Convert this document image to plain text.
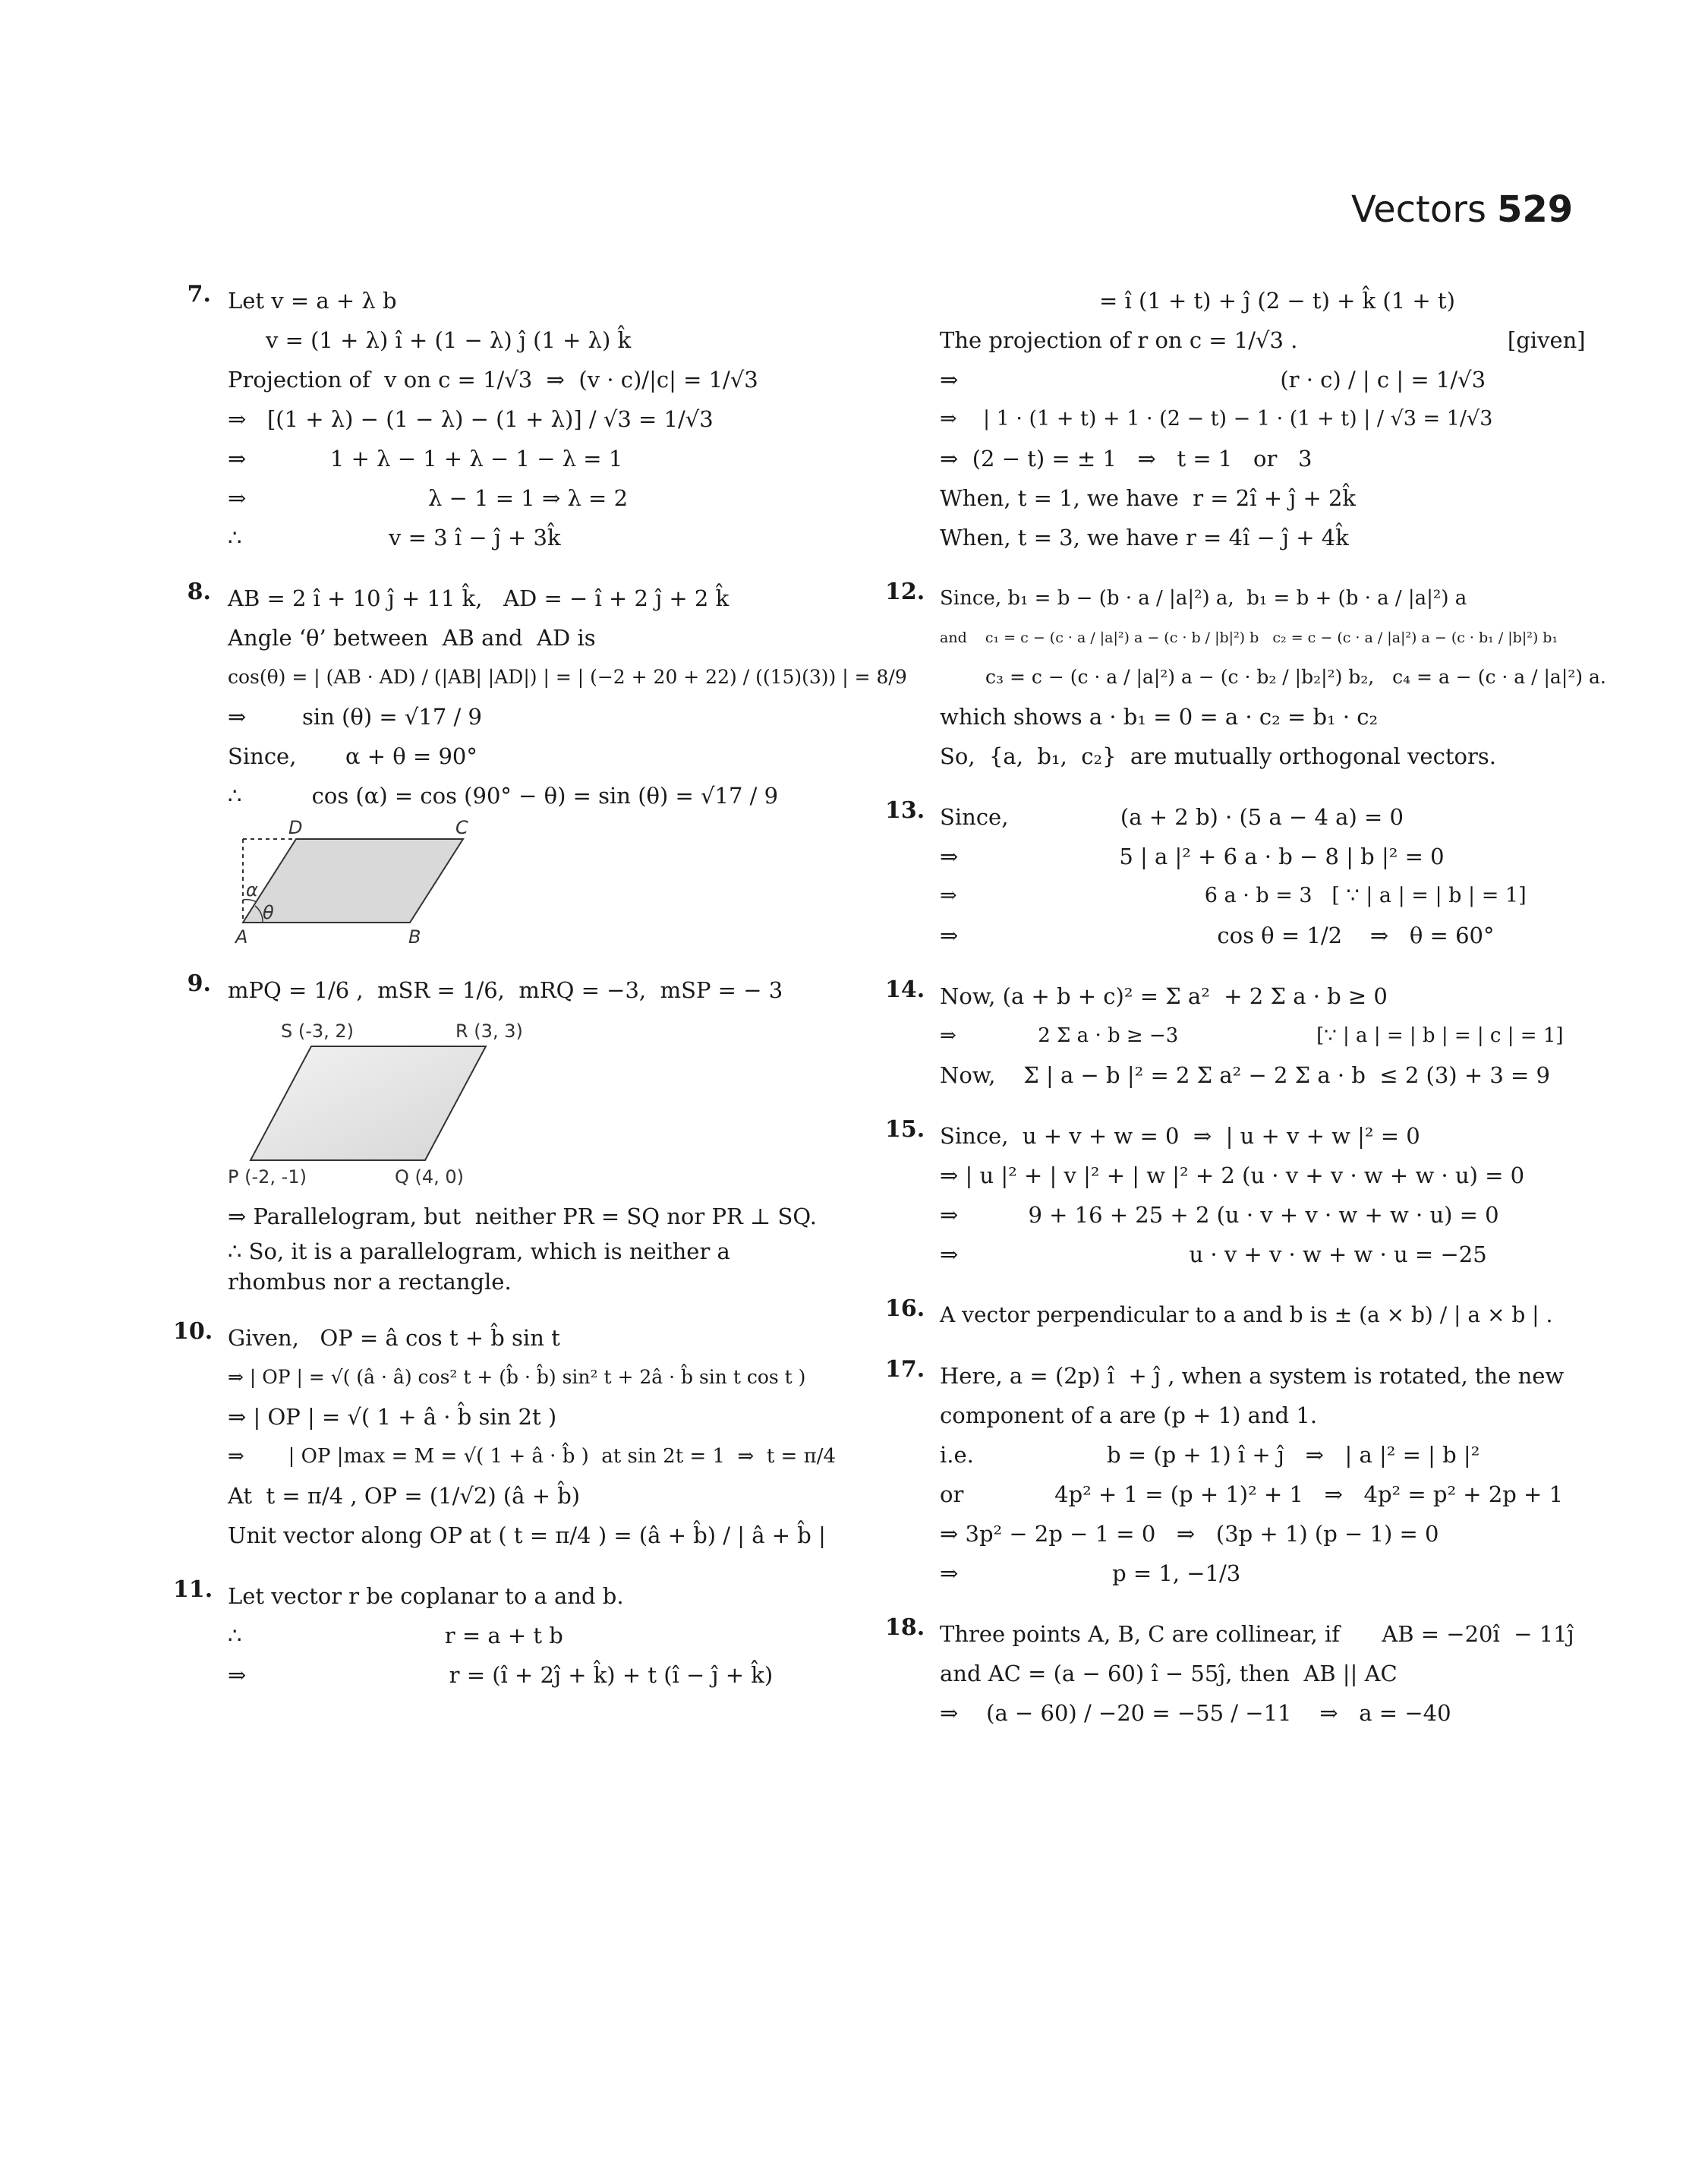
Vectors 529
7. Let v = a + λ b
v = (1 + λ) î + (1 − λ) ĵ (1 + λ) k̂
Projection of  v on c = 1/√3  ⇒  (v · c)/|c| = 1/√3
⇒   [(1 + λ) − (1 − λ) − (1 + λ)] / √3 = 1/√3
⇒            1 + λ − 1 + λ − 1 − λ = 1
⇒                          λ − 1 = 1 ⇒ λ = 2
∴                     v = 3 î − ĵ + 3k̂
8. AB = 2 î + 10 ĵ + 11 k̂,   AD = − î + 2 ĵ + 2 k̂
Angle ‘θ’ between  AB and  AD is
cos(θ) = | (AB · AD) / (|AB| |AD|) | = | (−2 + 20 + 22) / ((15)(3)) | = 8/9
⇒        sin (θ) = √17 / 9
Since,       α + θ = 90°
∴          cos (α) = cos (90° − θ) = sin (θ) = √17 / 9
D	C
A	B
α
θ
9. mPQ = 1/6 ,  mSR = 1/6,  mRQ = −3,  mSP = − 3
S (-3, 2)	R (3, 3)
P (-2, -1)	Q (4, 0)
⇒ Parallelogram, but  neither PR = SQ nor PR ⊥ SQ.
∴ So, it is a parallelogram, which is neither a
rhombus nor a rectangle.
10. Given,   OP = â cos t + b̂ sin t
⇒ | OP | = √( (â · â) cos² t + (b̂ · b̂) sin² t + 2â · b̂ sin t cos t )
⇒ | OP | = √( 1 + â · b̂ sin 2t )
⇒       | OP |max = M = √( 1 + â · b̂ )  at sin 2t = 1  ⇒  t = π/4
At  t = π/4 , OP = (1/√2) (â + b̂)
Unit vector along OP at ( t = π/4 ) = (â + b̂) / | â + b̂ |
11. Let vector r be coplanar to a and b.
∴                             r = a + t b
⇒                             r = (î + 2ĵ + k̂) + t (î − ĵ + k̂)
= î (1 + t) + ĵ (2 − t) + k̂ (1 + t)
The projection of r on c = 1/√3 .                              [given]
⇒                                              (r · c) / | c | = 1/√3
⇒    | 1 · (1 + t) + 1 · (2 − t) − 1 · (1 + t) | / √3 = 1/√3
⇒  (2 − t) = ± 1   ⇒   t = 1   or   3
When, t = 1, we have  r = 2î + ĵ + 2k̂
When, t = 3, we have r = 4î − ĵ + 4k̂
12. Since, b₁ = b − (b · a / |a|²) a,  b₁ = b + (b · a / |a|²) a
and    c₁ = c − (c · a / |a|²) a − (c · b / |b|²) b   c₂ = c − (c · a / |a|²) a − (c · b₁ / |b|²) b₁
c₃ = c − (c · a / |a|²) a − (c · b₂ / |b₂|²) b₂,   c₄ = a − (c · a / |a|²) a.
which shows a · b₁ = 0 = a · c₂ = b₁ · c₂
So,  {a,  b₁,  c₂}  are mutually orthogonal vectors.
13. Since,                (a + 2 b) · (5 a − 4 a) = 0
⇒                       5 | a |² + 6 a · b − 8 | b |² = 0
⇒                                      6 a · b = 3   [ ∵ | a | = | b | = 1]
⇒                                     cos θ = 1/2    ⇒   θ = 60°
14. Now, (a + b + c)² = Σ a²  + 2 Σ a · b ≥ 0
⇒             2 Σ a · b ≥ −3                      [∵ | a | = | b | = | c | = 1]
Now,    Σ | a − b |² = 2 Σ a² − 2 Σ a · b  ≤ 2 (3) + 3 = 9
15. Since,  u + v + w = 0  ⇒  | u + v + w |² = 0
⇒ | u |² + | v |² + | w |² + 2 (u · v + v · w + w · u) = 0
⇒          9 + 16 + 25 + 2 (u · v + v · w + w · u) = 0
⇒                                 u · v + v · w + w · u = −25
16. A vector perpendicular to a and b is ± (a × b) / | a × b | .
17. Here, a = (2p) î  + ĵ , when a system is rotated, the new
component of a are (p + 1) and 1.
i.e.                   b = (p + 1) î + ĵ   ⇒   | a |² = | b |²
or             4p² + 1 = (p + 1)² + 1   ⇒   4p² = p² + 2p + 1
⇒ 3p² − 2p − 1 = 0   ⇒   (3p + 1) (p − 1) = 0
⇒                      p = 1, −1/3
18. Three points A, B, C are collinear, if      AB = −20î  − 11ĵ
and AC = (a − 60) î − 55ĵ, then  AB || AC
⇒    (a − 60) / −20 = −55 / −11    ⇒   a = −40
